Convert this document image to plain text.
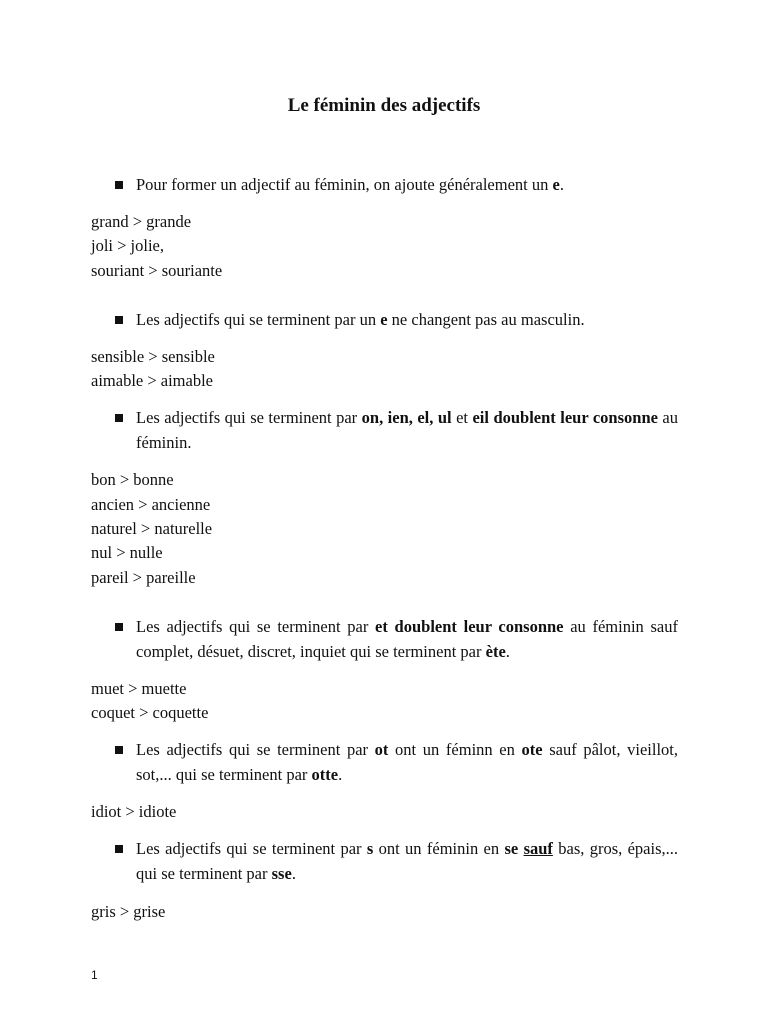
Le féminin des adjectifs
Pour former un adjectif au féminin, on ajoute généralement un e.
grand > grande
joli > jolie,
souriant > souriante
Les adjectifs qui se terminent par un e ne changent pas au masculin.
sensible > sensible
aimable > aimable
Les adjectifs qui se terminent par on, ien, el, ul et eil doublent leur consonne au féminin.
bon > bonne
ancien > ancienne
naturel > naturelle
nul > nulle
pareil > pareille
Les adjectifs qui se terminent par et doublent leur consonne au féminin sauf complet, désuet, discret, inquiet qui se terminent par ète.
muet > muette
coquet > coquette
Les adjectifs qui se terminent par ot ont un féminn en ote sauf pâlot, vieillot, sot,... qui se terminent par otte.
idiot > idiote
Les adjectifs qui se terminent par s ont un féminin en se sauf bas, gros, épais,... qui se terminent par sse.
gris > grise
1
